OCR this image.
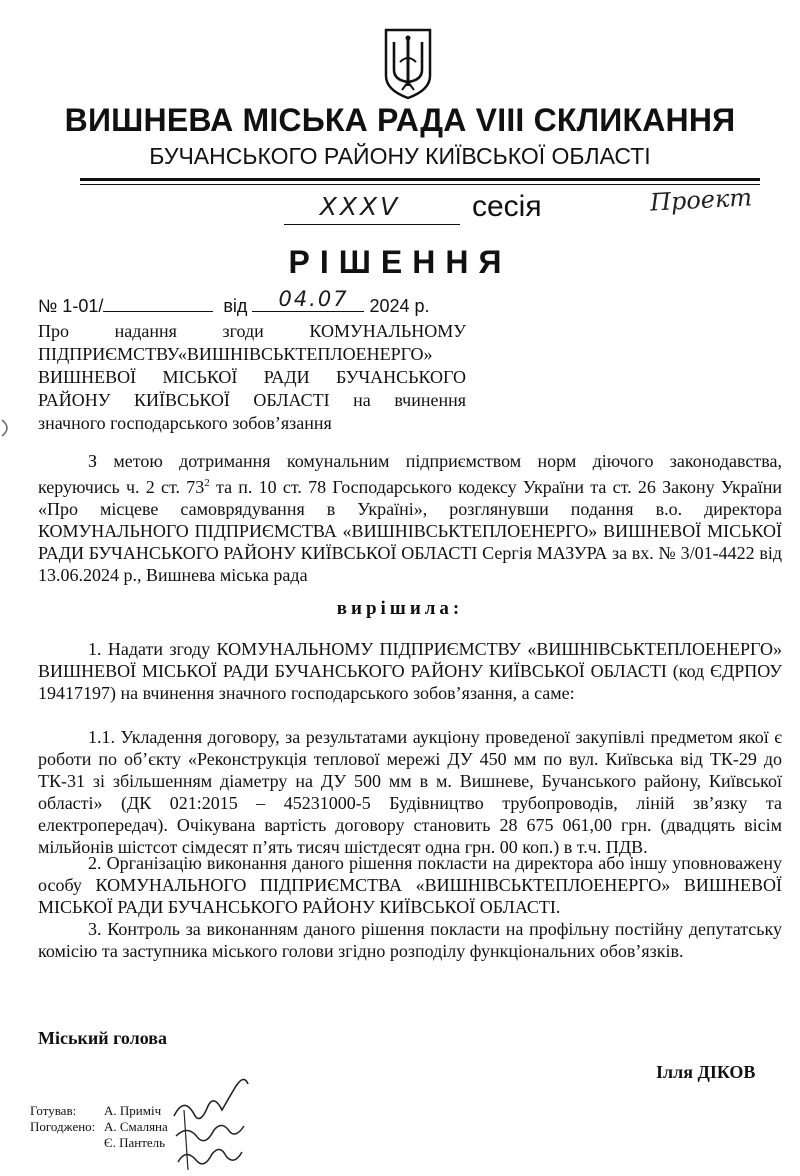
ВИШНЕВА МІСЬКА РАДА VIII СКЛИКАННЯ
БУЧАНСЬКОГО РАЙОНУ КИЇВСЬКОЇ ОБЛАСТІ
XXXV	сесія	Проект
РІШЕННЯ
№ 1-01/	від 04.07 2024 р.
Про надання згоди КОМУНАЛЬНОМУ
ПІДПРИЄМСТВУ«ВИШНІВСЬКТЕПЛОЕНЕРГО»
ВИШНЕВОЇ МІСЬКОЇ РАДИ БУЧАНСЬКОГО
РАЙОНУ КИЇВСЬКОЇ ОБЛАСТІ на вчинення
значного господарського зобов’язання
З метою дотримання комунальним підприємством норм діючого законодавства, керуючись ч. 2 ст. $73^2$ та п. 10 ст. 78 Господарського кодексу України та ст. 26 Закону України «Про місцеве самоврядування в Україні», розглянувши подання в.о. директора КОМУНАЛЬНОГО ПІДПРИЄМСТВА «ВИШНІВСЬКТЕПЛОЕНЕРГО» ВИШНЕВОЇ МІСЬКОЇ РАДИ БУЧАНСЬКОГО РАЙОНУ КИЇВСЬКОЇ ОБЛАСТІ Сергія МАЗУРА за вх. № 3/01-4422 від 13.06.2024 р., Вишнева міська рада
вирішила:
1. Надати згоду КОМУНАЛЬНОМУ ПІДПРИЄМСТВУ «ВИШНІВСЬКТЕПЛОЕНЕРГО» ВИШНЕВОЇ МІСЬКОЇ РАДИ БУЧАНСЬКОГО РАЙОНУ КИЇВСЬКОЇ ОБЛАСТІ (код ЄДРПОУ 19417197) на вчинення значного господарського зобов’язання, а саме:
1.1. Укладення договору, за результатами аукціону проведеної закупівлі предметом якої є роботи по об’єкту «Реконструкція теплової мережі ДУ 450 мм по вул. Київська від ТК-29 до ТК-31 зі збільшенням діаметру на ДУ 500 мм в м. Вишневе, Бучанського району, Київської області» (ДК 021:2015 – 45231000-5 Будівництво трубопроводів, ліній зв’язку та електропередач). Очікувана вартість договору становить 28 675 061,00 грн. (двадцять вісім мільйонів шістсот сімдесят п’ять тисяч шістдесят одна грн. 00 коп.) в т.ч. ПДВ.
2. Організацію виконання даного рішення покласти на директора або іншу уповноважену особу КОМУНАЛЬНОГО ПІДПРИЄМСТВА «ВИШНІВСЬКТЕПЛОЕНЕРГО» ВИШНЕВОЇ МІСЬКОЇ РАДИ БУЧАНСЬКОГО РАЙОНУ КИЇВСЬКОЇ ОБЛАСТІ.
3. Контроль за виконанням даного рішення покласти на профільну постійну депутатську комісію та заступника міського голови згідно розподілу функціональних обов’язків.
Міський голова
Ілля ДІКОВ
Готував: А. Приміч
Погоджено: А. Смаляна
Є. Пантель
